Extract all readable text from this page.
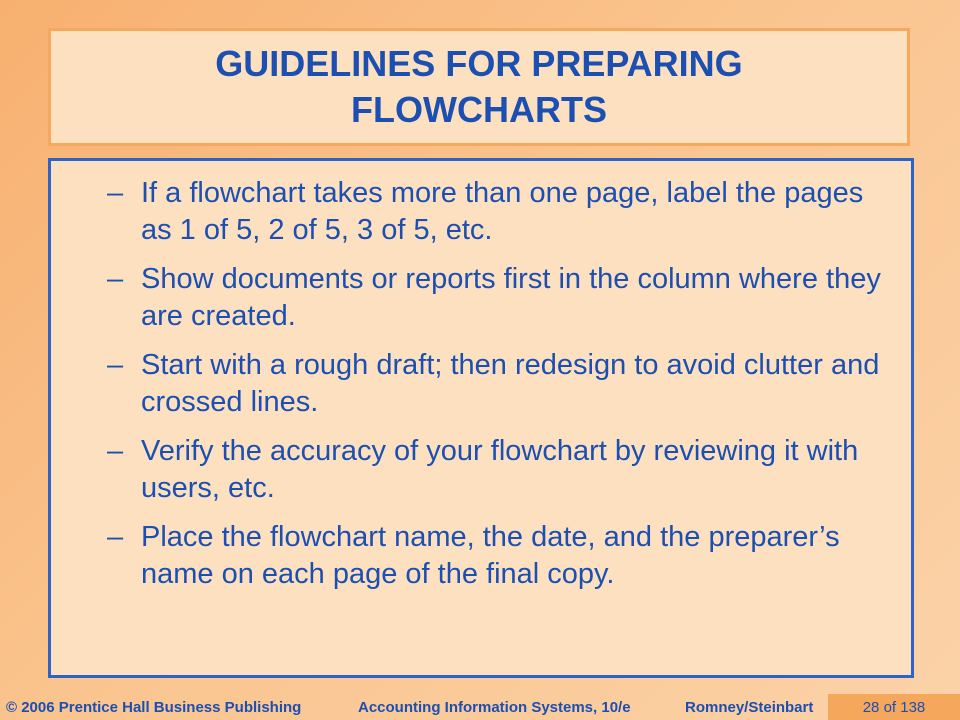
GUIDELINES FOR PREPARING
FLOWCHARTS
– If a flowchart takes more than one page, label the pages as 1 of 5, 2 of 5, 3 of 5, etc.
– Show documents or reports first in the column where they are created.
– Start with a rough draft; then redesign to avoid clutter and crossed lines.
– Verify the accuracy of your flowchart by reviewing it with users, etc.
– Place the flowchart name, the date, and the preparer’s name on each page of the final copy.
© 2006 Prentice Hall Business Publishing	Accounting Information Systems, 10/e	Romney/Steinbart	28 of 138
